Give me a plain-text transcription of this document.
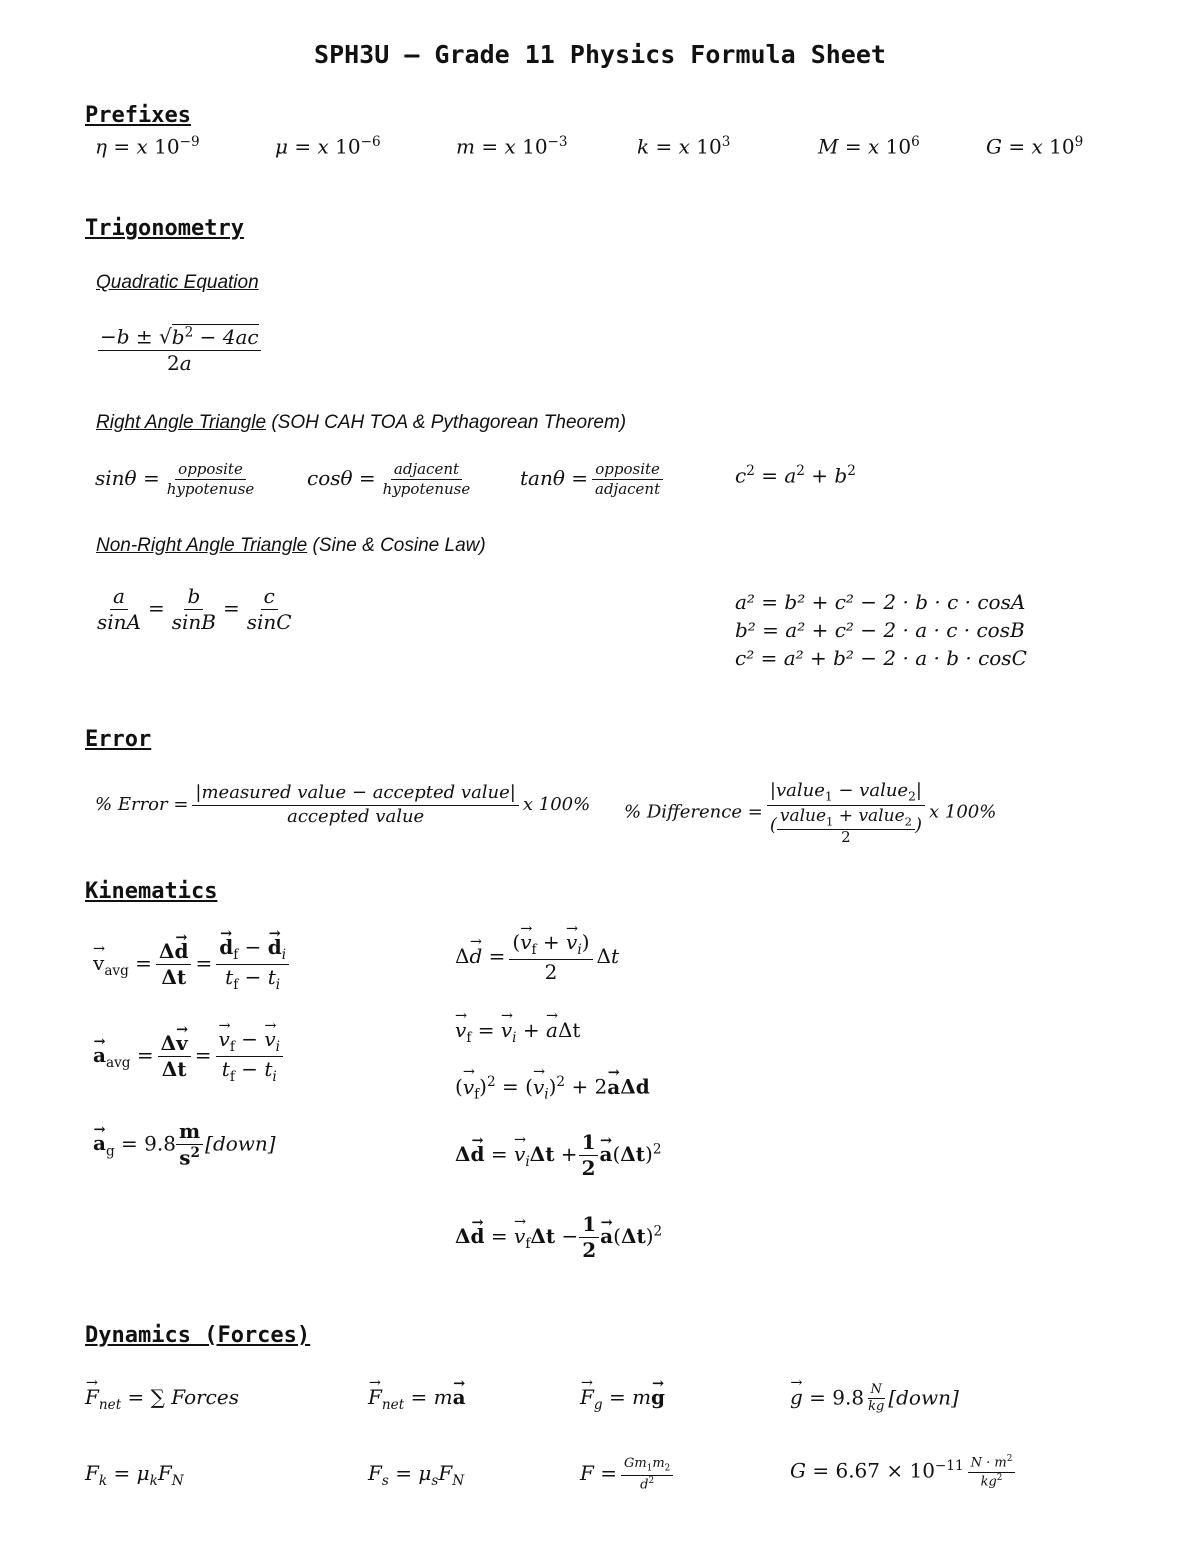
SPH3U – Grade 11 Physics Formula Sheet
Prefixes
η = x $10^{-9}$	μ = x $10^{-6}$	m = x $10^{-3}$	k = x $10^3$	M = x $10^6$	G = x $10^9$
Trigonometry
Quadratic Equation
$\frac{-b \pm √b^2 - 4ac}{2a}$
Right Angle Triangle (SOH CAH TOA & Pythagorean Theorem)
sinθ = opposite
hypotenuse	cosθ = adjacent
hypotenuse tanθ = opposite
adjacent
$c^2 = a^2 + b^2$
Non-Right Angle Triangle (Sine & Cosine Law)
$\frac{a}{\sin A} = \frac{b}{\sin B} = \frac{c}{\sin C}$	a² = b² + c² − 2 · b · c · cosA
b² = a² + c² − 2 · a · c · cosB
c² = a² + b² − 2 · a · b · cosC
Error
% Error =
|measured value − accepted value|
accepted value
x 100% % Difference =
|value$_1$ − value$_2$|
( value$_1$ + value$_2$
2
)
x 100%
Kinematics
→ $v_{avg} = \frac{\Delta\to d}{\Delta t}$ =
→ $\frac{d_f - \to d_i}{t_f - t_i}$
→ $a_{avg} = \frac{\Delta\to v}{\Delta t}$ =
→ $\frac{v_f - \to v_i}{t_f - t_i}$
→ $a_g = 9.8 \frac{m}{s^2}$ [down]
$\Delta\to d = \frac{(\to v_f + \to v_i)}{2}$ Δt
→ $v_f$ = → $v_i$ + → aΔt
(→ $v_f)^2$ = (→ $v_i)^2 + 2\to a\Delta d$
Δ→ d = → $v_i\Delta t + \frac{1}{2}$
→ $a(\Delta t)^2$
Δ→ d = → $v_f\Delta t - \frac{1}{2}$
→ $a(\Delta t)^2$
Dynamics (Forces)
→ $F_{net}$ = ∑ Forces
→	$F_{net} = m\to a$
→	$F_g = m\to g$
→	$g = 9.8 \frac{N}{kg}$ [down]
$F_k = \mu_kF_N$	$F_s = \mu_sF_N$	$F = \frac{Gm_1m_2}{d^2}$	$G = 6.67 \times 10^{-11} \frac{N \cdot m^2}{kg^2}$
